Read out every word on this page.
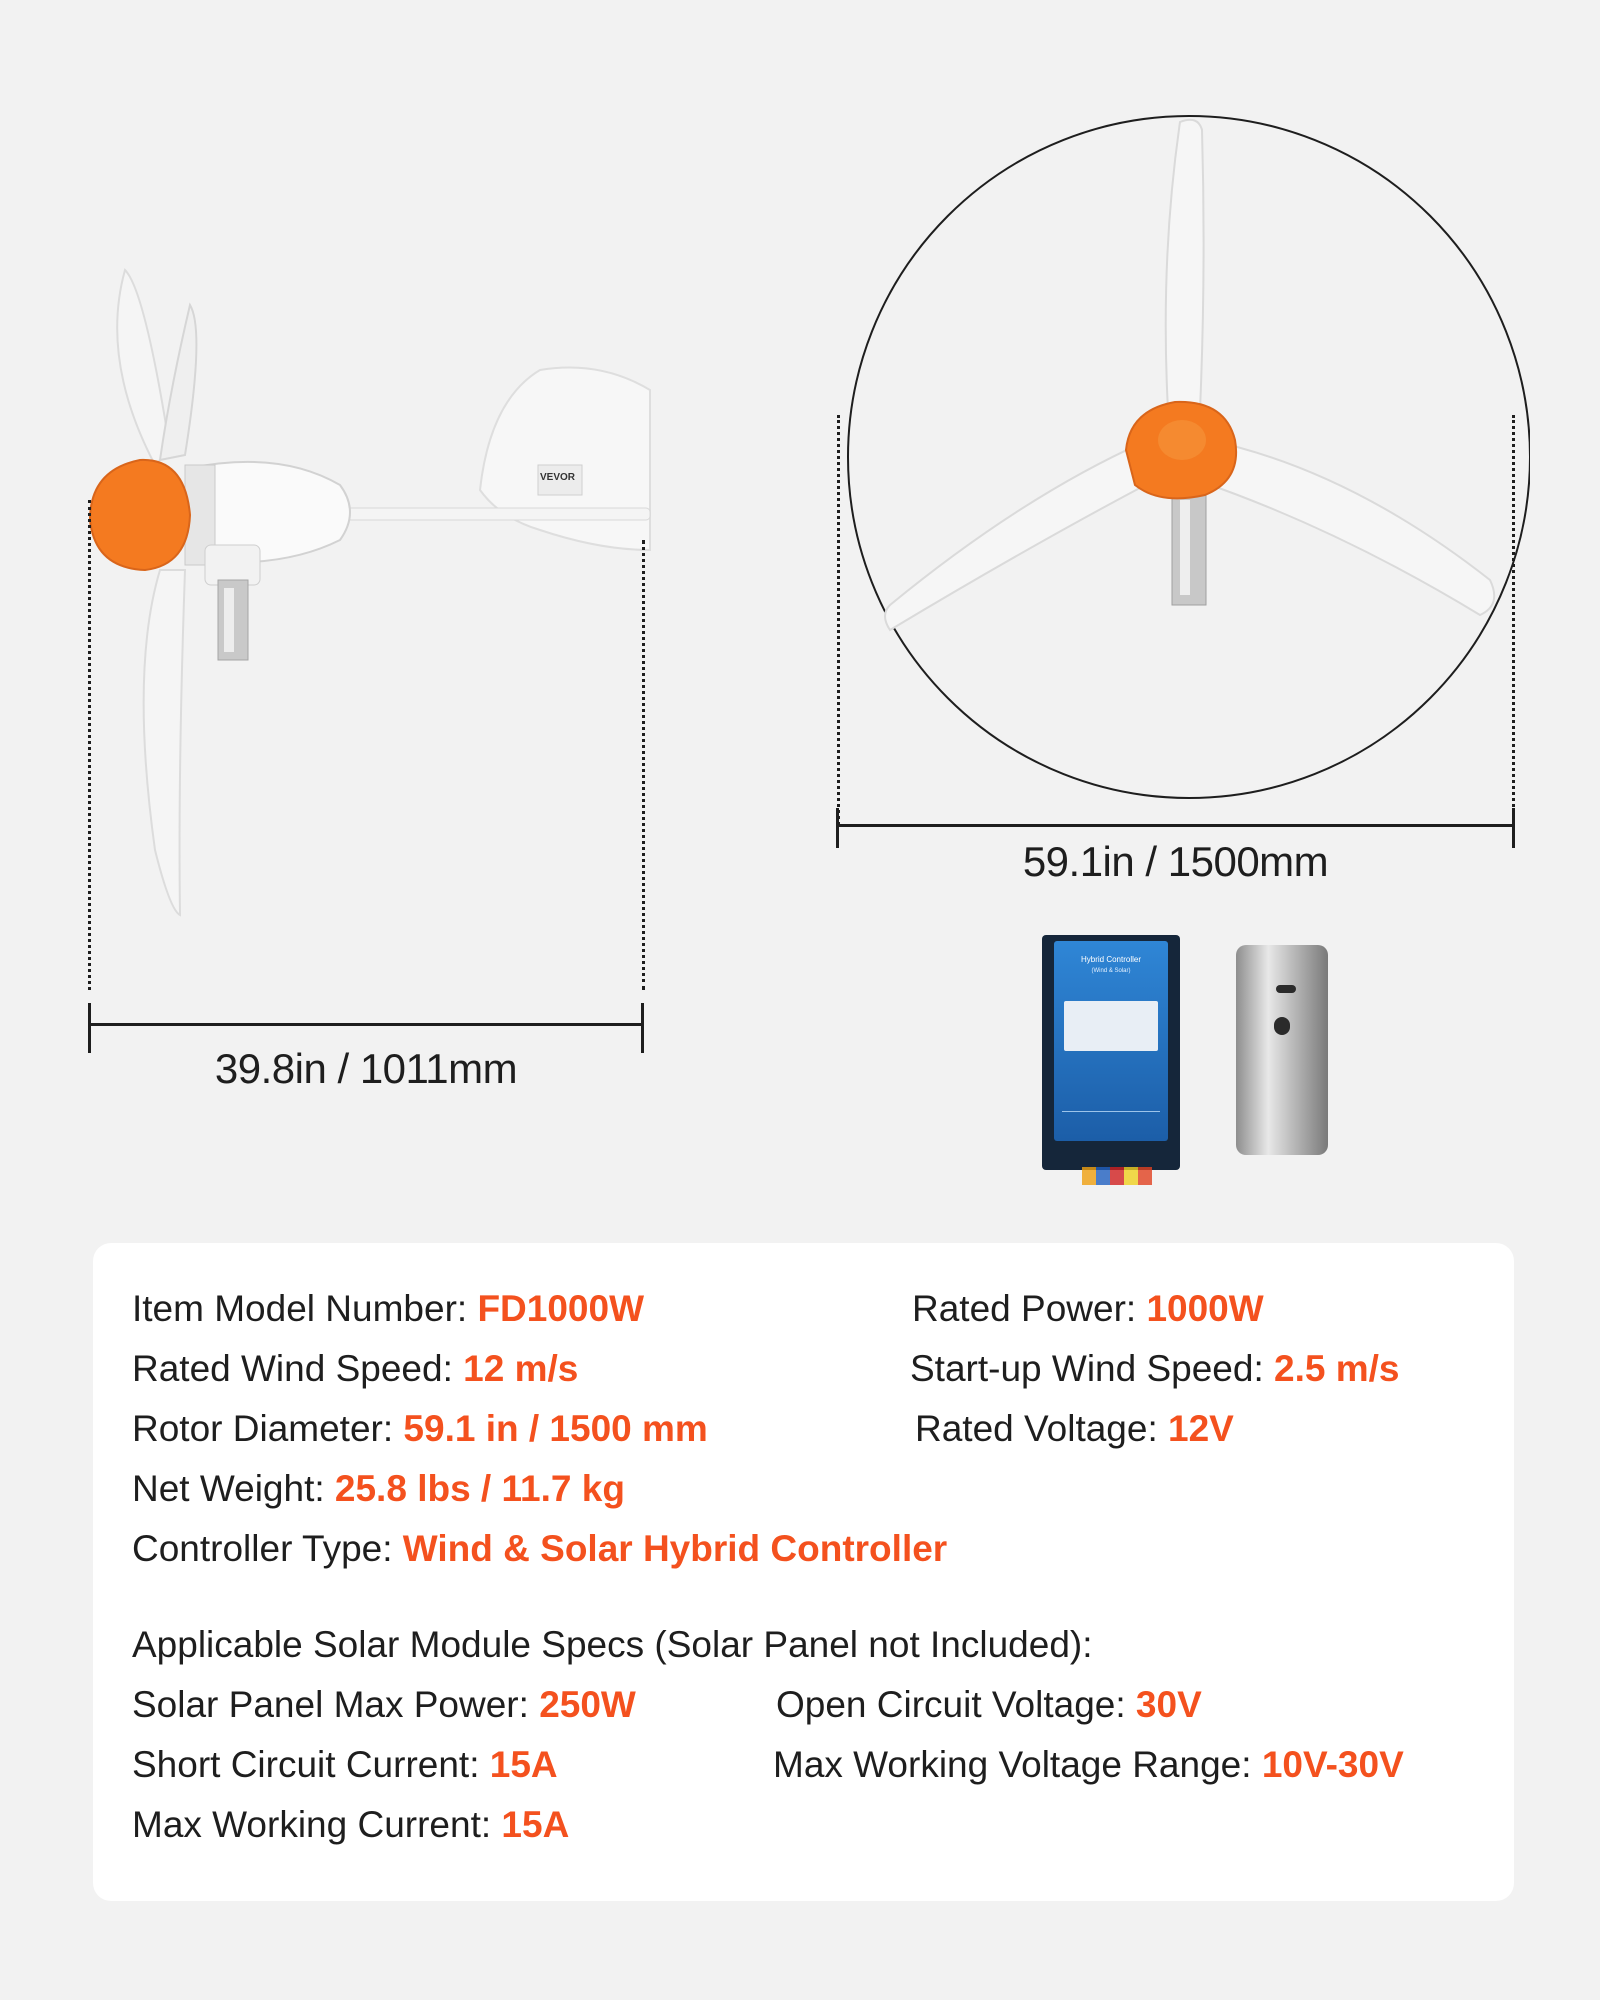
VEVOR
39.8in / 1011mm
59.1in / 1500mm
Hybrid Controller
(Wind & Solar)
Item Model Number: FD1000W	Rated Power: 1000W
Rated Wind Speed: 12 m/s	Start-up Wind Speed: 2.5 m/s
Rotor Diameter: 59.1 in / 1500 mm	Rated Voltage: 12V
Net Weight: 25.8 lbs / 11.7 kg
Controller Type: Wind & Solar Hybrid Controller
Applicable Solar Module Specs (Solar Panel not Included):
Solar Panel Max Power: 250W	Open Circuit Voltage: 30V
Short Circuit Current: 15A	Max Working Voltage Range: 10V-30V
Max Working Current: 15A
